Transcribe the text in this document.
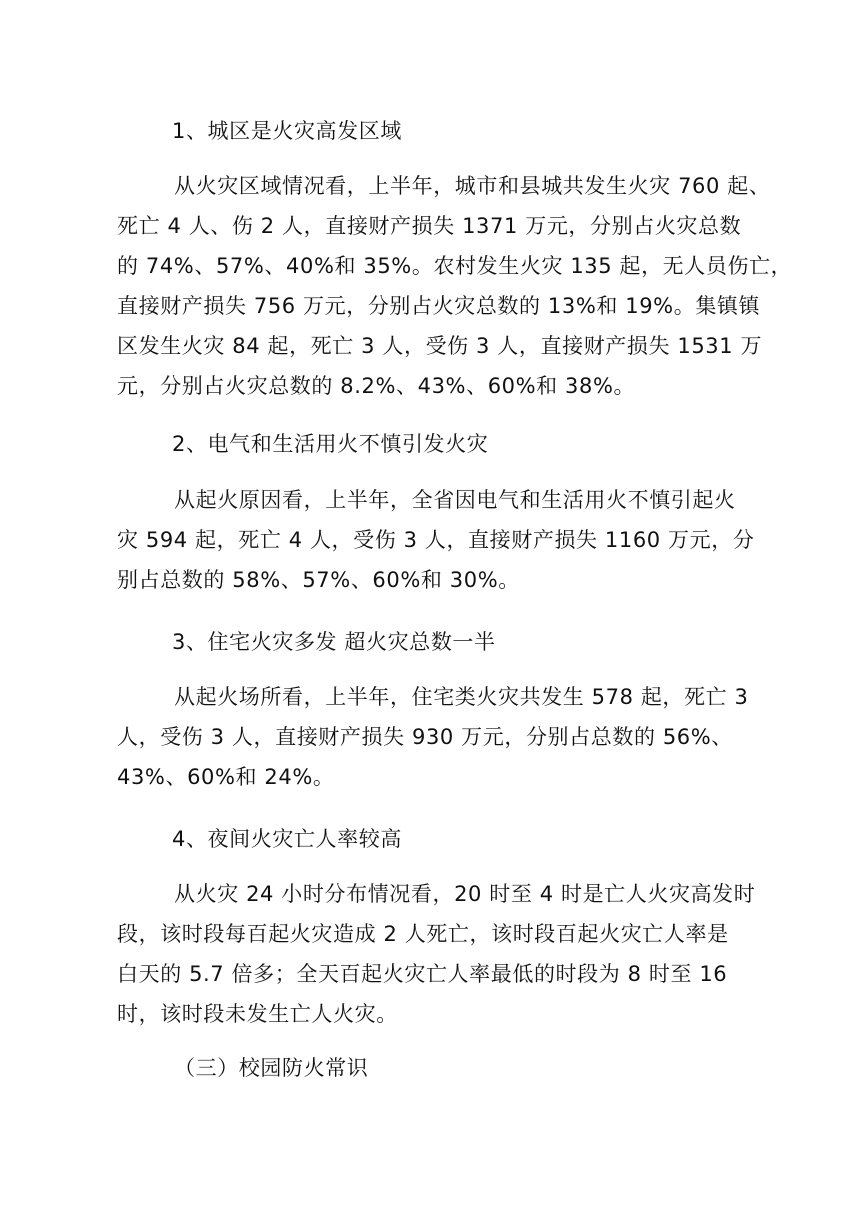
1、城区是火灾高发区域
从火灾区域情况看，上半年，城市和县城共发生火灾 760 起、
死亡 4 人、伤 2 人，直接财产损失 1371 万元，分别占火灾总数
的 74%、57%、40%和 35%。农村发生火灾 135 起，无人员伤亡，
直接财产损失 756 万元，分别占火灾总数的 13%和 19%。集镇镇
区发生火灾 84 起，死亡 3 人，受伤 3 人，直接财产损失 1531 万
元，分别占火灾总数的 8.2%、43%、60%和 38%。
2、电气和生活用火不慎引发火灾
从起火原因看，上半年，全省因电气和生活用火不慎引起火
灾 594 起，死亡 4 人，受伤 3 人，直接财产损失 1160 万元，分
别占总数的 58%、57%、60%和 30%。
3、住宅火灾多发 超火灾总数一半
从起火场所看，上半年，住宅类火灾共发生 578 起，死亡 3
人，受伤 3 人，直接财产损失 930 万元，分别占总数的 56%、
43%、60%和 24%。
4、夜间火灾亡人率较高
从火灾 24 小时分布情况看，20 时至 4 时是亡人火灾高发时
段，该时段每百起火灾造成 2 人死亡，该时段百起火灾亡人率是
白天的 5.7 倍多；全天百起火灾亡人率最低的时段为 8 时至 16
时，该时段未发生亡人火灾。
（三）校园防火常识
